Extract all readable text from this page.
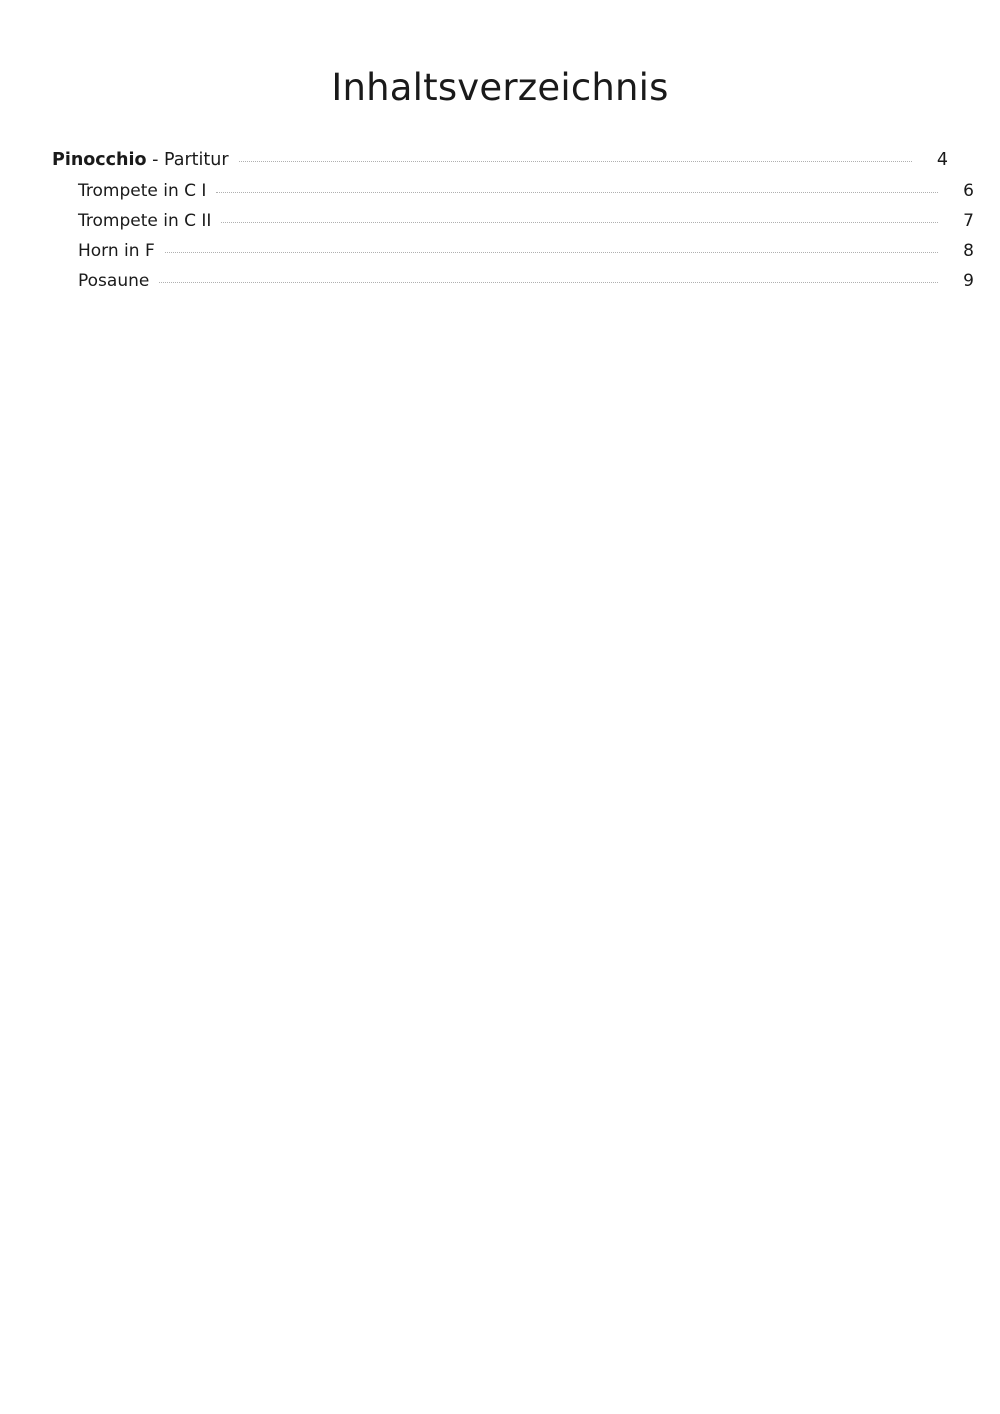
Inhaltsverzeichnis
Pinocchio - Partitur	4
Trompete in C I	6
Trompete in C II	7
Horn in F	8
Posaune	9
